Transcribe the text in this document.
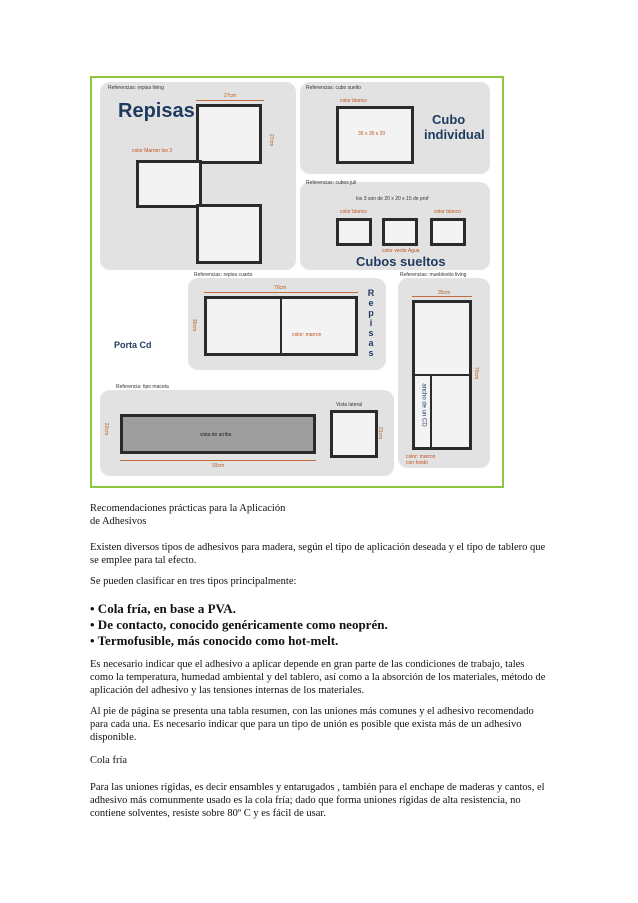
Referencias: repisa living
Repisas
27cm
27cm
color Marron los 3
Referencias: cubo suelto
color blanco
35 x 35 x 20
Cubo
individual
Referencias: cubos juli
los 3 son de 20 x 20 x 15 de prof
color blanco	color blanco
color verde Agua
Cubos sueltos
Referencias: repisa cuarto
70cm
30cm
color: marron
R
e
p
i
s
a
s
Porta Cd
Referencias: mueblesito living
35cm
70cm
ancho de un CD
color: marron
con fondo
Referencia: tipo maceta
22cm	vista de arriba
93cm
Vista lateral
21cm
Recomendaciones prácticas para la Aplicación
de Adhesivos
Existen diversos tipos de adhesivos para madera, según el tipo de aplicación deseada y el tipo de tablero que se emplee para tal efecto.
Se pueden clasificar en tres tipos principalmente:
• Cola fría, en base a PVA.
• De contacto, conocido genéricamente como neoprén.
• Termofusible, más conocido como hot-melt.
Es necesario indicar que el adhesivo a aplicar depende en gran parte de las condiciones de trabajo, tales como la temperatura, humedad ambiental y del tablero, así como a la absorción de los materiales, método de aplicación del adhesivo y las tensiones internas de los materiales.
Al pie de página se presenta una tabla resumen, con las uniones más comunes y el adhesivo recomendado para cada una. Es necesario indicar que para un tipo de unión es posible que exista más de un adhesivo disponible.
Cola fría
Para las uniones rígidas, es decir ensambles y entarugados , también para el enchape de maderas y cantos, el adhesivo más comunmente usado es la cola fría; dado que forma uniones rígidas de alta resistencia, no contiene solventes, resiste sobre 80º C y es fácil de usar.
